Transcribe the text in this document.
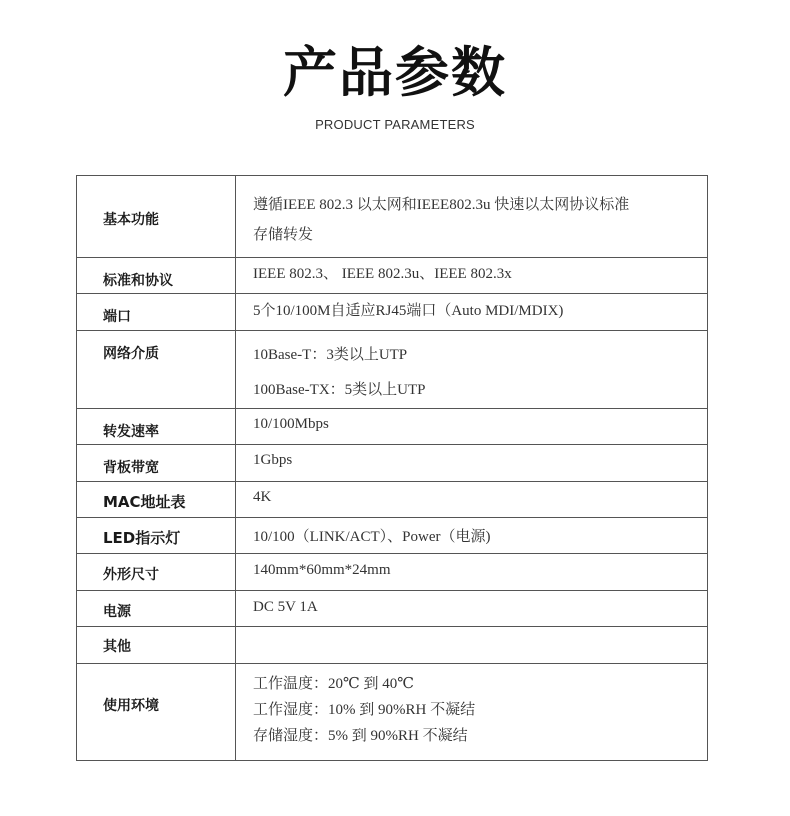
产品参数

PRODUCT PARAMETERS

基本功能	遵循IEEE 802.3 以太网和IEEE802.3u 快速以太网协议标准
存储转发

标准和协议	IEEE 802.3、 IEEE 802.3u、IEEE 802.3x

端口	5个10/100M自适应RJ45端口（Auto MDI/MDIX)

网络介质	10Base-T：3类以上UTP
100Base-TX：5类以上UTP

转发速率	10/100Mbps

背板带宽	1Gbps

MAC地址表	4K

LED指示灯	10/100（LINK/ACT）、Power（电源)

外形尺寸	140mm*60mm*24mm

电源	DC 5V 1A

其他	

使用环境	工作温度：20℃ 到 40℃
工作湿度：10% 到 90%RH 不凝结
存储湿度：5% 到 90%RH 不凝结
